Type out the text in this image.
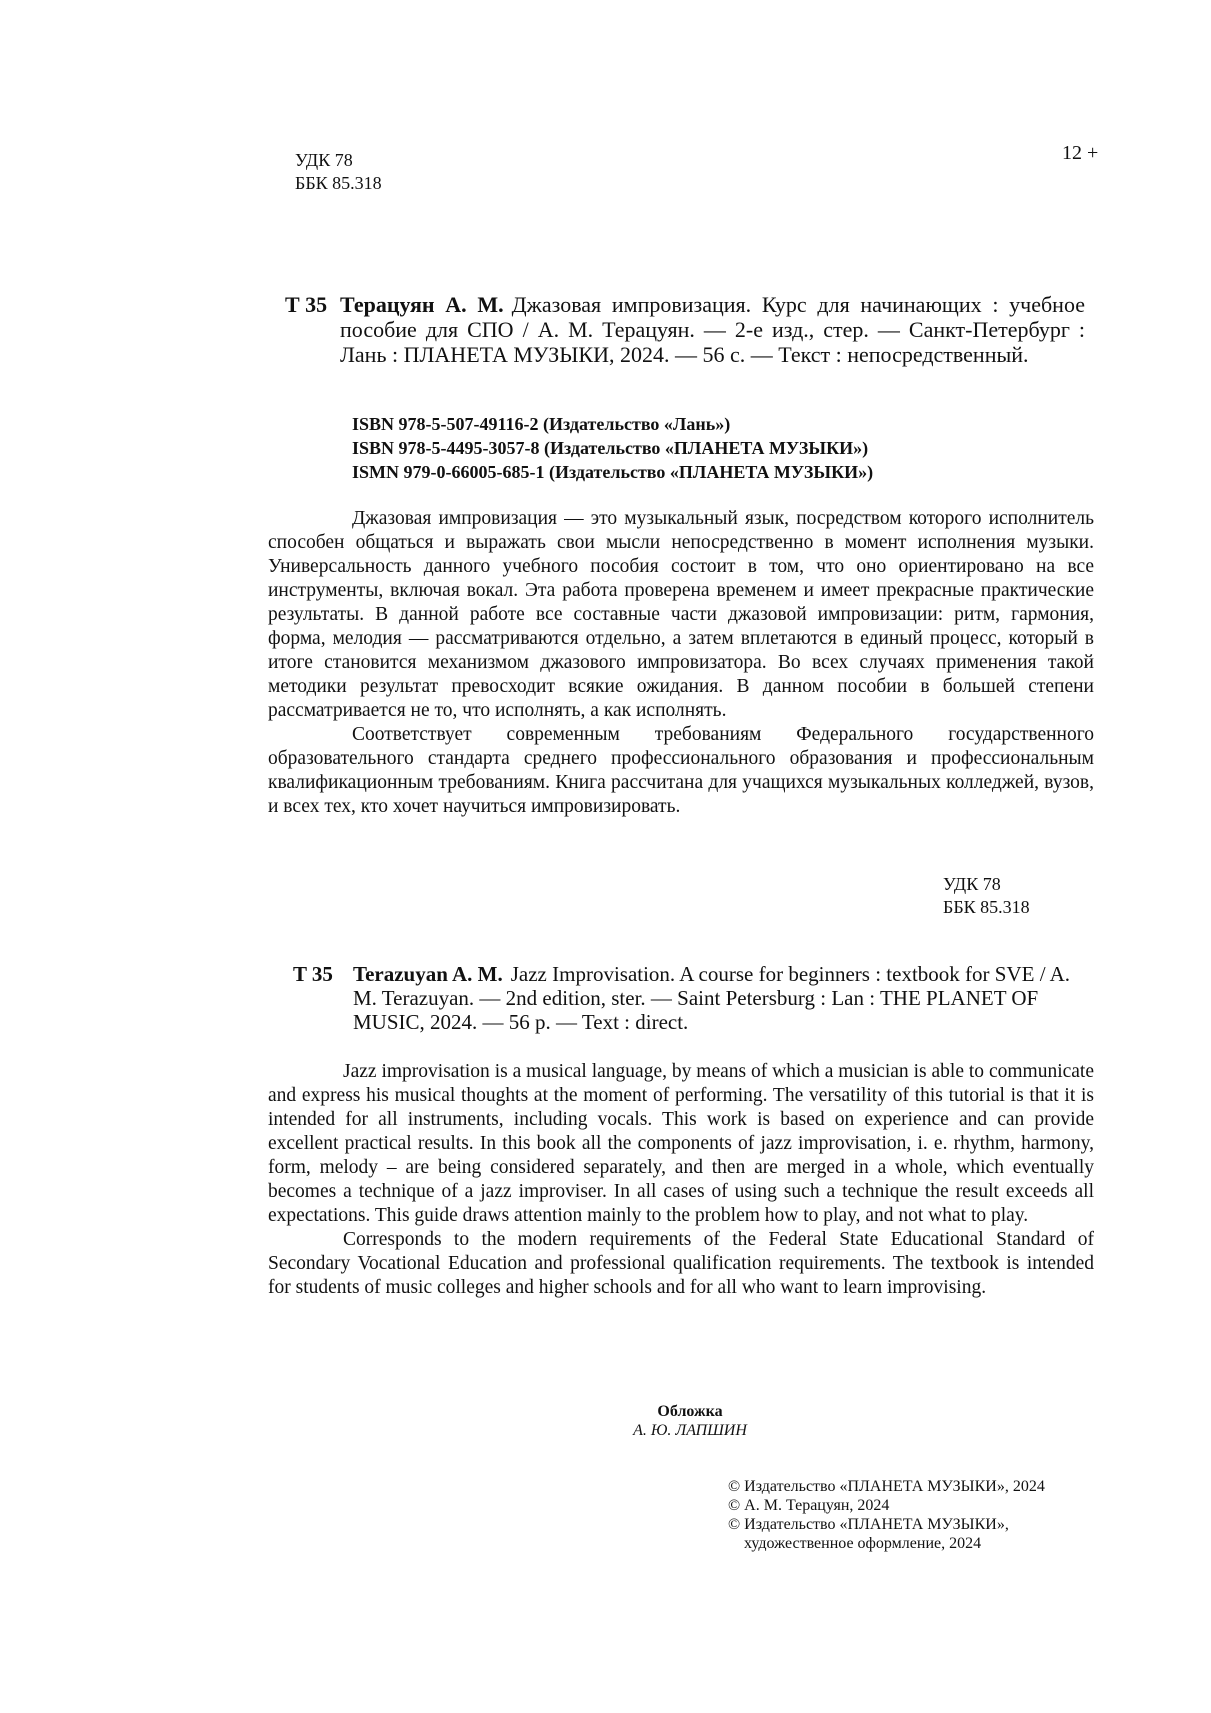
УДК 78
ББК 85.318
12 +
Т 35 Терацуян А. М. Джазовая импровизация. Курс для начинающих : учебное пособие для СПО / А. М. Терацуян. — 2-е изд., стер. — Санкт-Петербург : Лань : ПЛАНЕТА МУЗЫКИ, 2024. — 56 с. — Текст : непосредственный.
ISBN 978-5-507-49116-2 (Издательство «Лань»)
ISBN 978-5-4495-3057-8 (Издательство «ПЛАНЕТА МУЗЫКИ»)
ISMN 979-0-66005-685-1 (Издательство «ПЛАНЕТА МУЗЫКИ»)

Джазовая импровизация — это музыкальный язык, посредством которого исполнитель способен общаться и выражать свои мысли непосредственно в момент исполнения музыки. Универсальность данного учебного пособия состоит в том, что оно ориентировано на все инструменты, включая вокал. Эта работа проверена временем и имеет прекрасные практические результаты. В данной работе все составные части джазовой импровизации: ритм, гармония, форма, мелодия — рассматриваются отдельно, а затем вплетаются в единый процесс, который в итоге становится механизмом джазового импровизатора. Во всех случаях применения такой методики результат превосходит всякие ожидания. В данном пособии в большей степени рассматривается не то, что исполнять, а как исполнять.

Соответствует современным требованиям Федерального государственного образовательного стандарта среднего профессионального образования и профессиональным квалификационным требованиям. Книга рассчитана для учащихся музыкальных колледжей, вузов, и всех тех, кто хочет научиться импровизировать.

УДК 78
ББК 85.318
T 35 Terazuyan A. M. Jazz Improvisation. A course for beginners : textbook for SVE / A. M. Terazuyan. — 2nd edition, ster. — Saint Petersburg : Lan : THE PLANET OF MUSIC, 2024. — 56 p. — Text : direct.

Jazz improvisation is a musical language, by means of which a musician is able to communicate and express his musical thoughts at the moment of performing. The versatility of this tutorial is that it is intended for all instruments, including vocals. This work is based on experience and can provide excellent practical results. In this book all the components of jazz improvisation, i. e. rhythm, harmony, form, melody – are being considered separately, and then are merged in a whole, which eventually becomes a technique of a jazz improviser. In all cases of using such a technique the result exceeds all expectations. This guide draws attention mainly to the problem how to play, and not what to play.

Corresponds to the modern requirements of the Federal State Educational Standard of Secondary Vocational Education and professional qualification requirements. The textbook is intended for students of music colleges and higher schools and for all who want to learn improvising.

Обложка
А. Ю. ЛАПШИН
© Издательство «ПЛАНЕТА МУЗЫКИ», 2024
© А. М. Терацуян, 2024
© Издательство «ПЛАНЕТА МУЗЫКИ»,
художественное оформление, 2024
